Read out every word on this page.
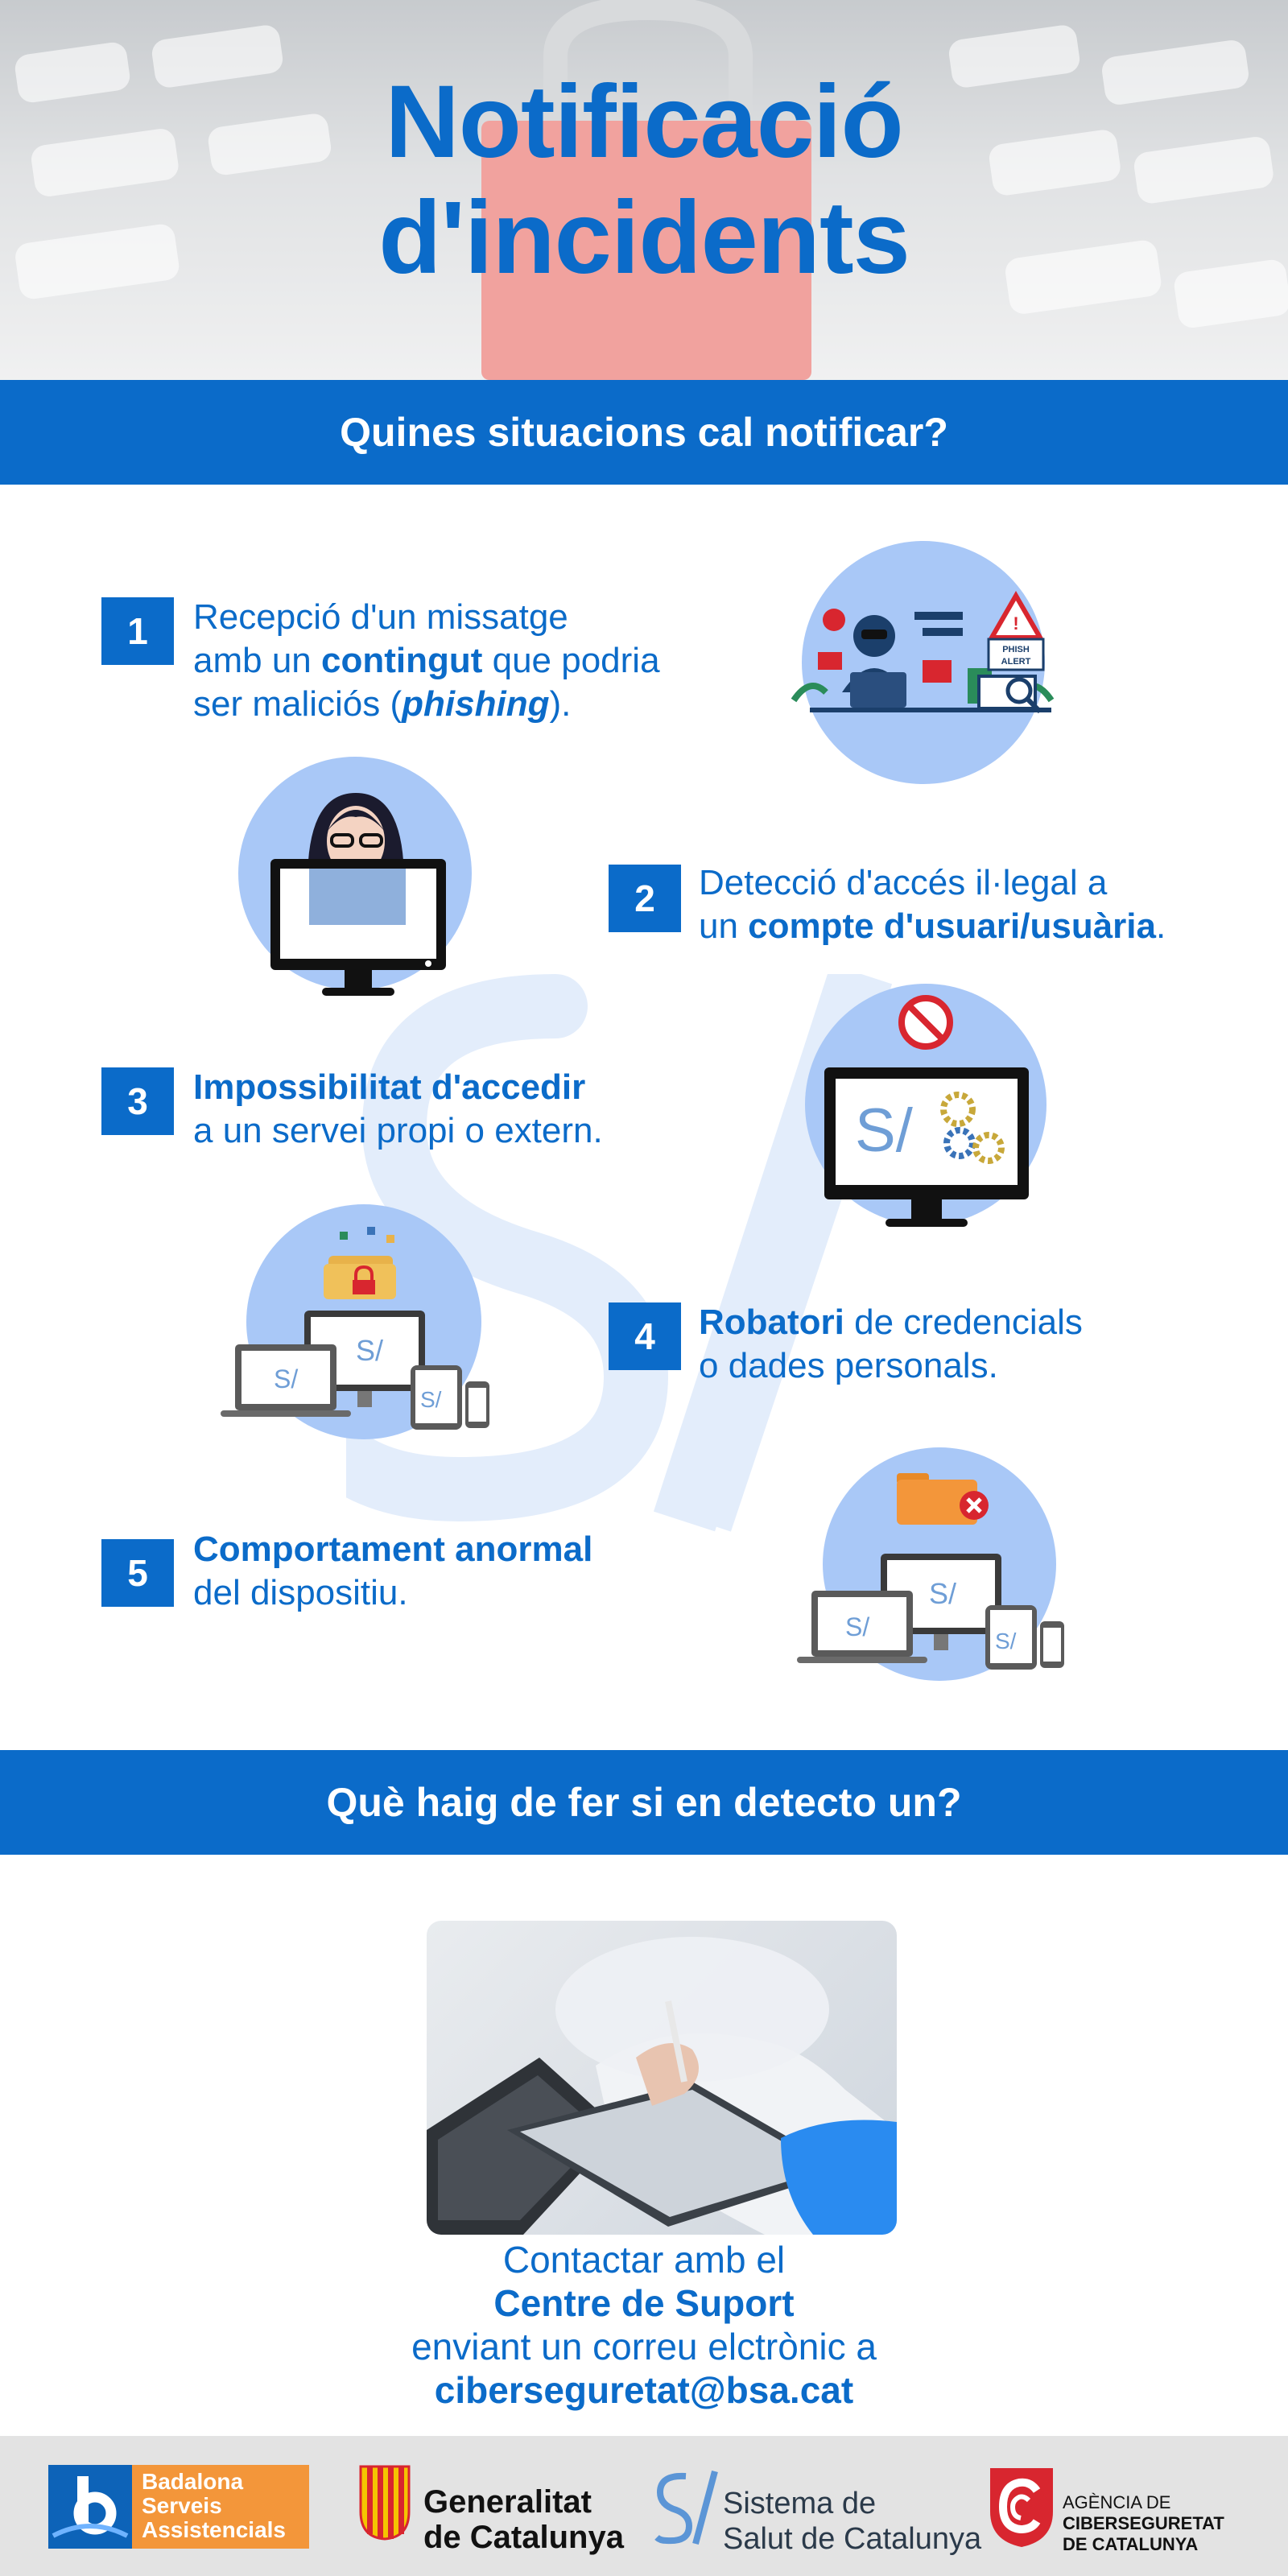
Notificació
d'incidents
Quines situacions cal notificar?
1	Recepció d'un missatge
amb un contingut que podria
ser maliciós (phishing).
!
PHISH
ALERT
2	Detecció d'accés il·legal a
un compte d'usuari/usuària.
S/
3	Impossibilitat d'accedir
a un servei propi o extern.
S/
S/
S/
4	Robatori de credencials
o dades personals.
S/
S/	S/
5
Comportament anormal
del dispositiu.
Què haig de fer si en detecto un?
Contactar amb el
Centre de Suport
enviant un correu elctrònic a
ciberseguretat@bsa.cat
Badalona
Serveis
Assistencials
Generalitat
de Catalunya
Sistema de
Salut de Catalunya
AGÈNCIA DE
CIBERSEGURETAT
DE CATALUNYA
